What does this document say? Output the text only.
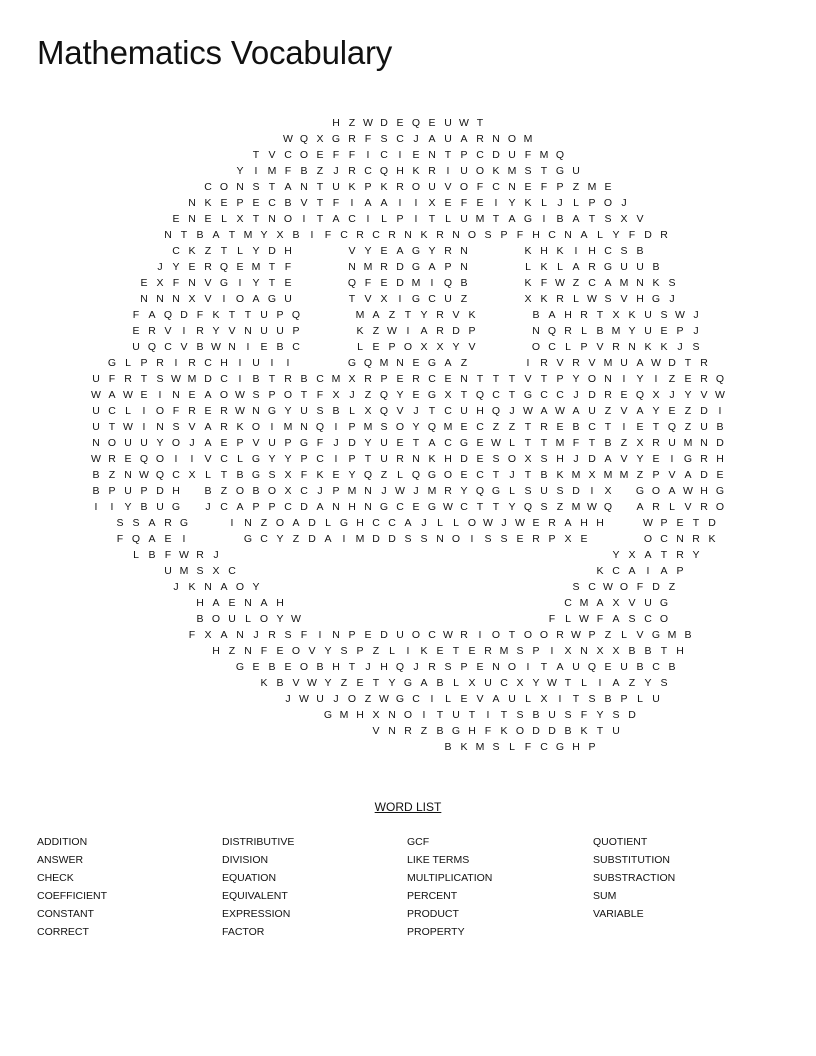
Mathematics Vocabulary
H Z W D E Q E U W T
W Q X G R F S C J A U A R N O M
T V C O E F F I C I E N T P C D U F M Q
Y I M F B Z J R C Q H K R I U O K M S T G U
C O N S T A N T U K P K R O U V O F C N E F P Z M E
N K E P E C B V T F I A A I I X E F E I Y K L J L P O J
E N E L X T N O I T A C I L P I T L U M T A G I B A T S X V
N T B A T M Y X B I F C R C R N K R N O S P F H C N A L Y F D R
C K Z T L Y D H	V Y E A G Y R N	K H K I H C S B
J Y E R Q E M T F	N M R D G A P N	L K L A R G U U B
E X F N V G I Y T E	Q F E D M I Q B	K F W Z C A M N K S
N N N X V I O A G U	T V X I G C U Z	X K R L W S V H G J
F A Q D F K T T U P Q	M A Z T Y R V K	B A H R T X K U S W J
E R V I R Y V N U U P	K Z W I A R D P	N Q R L B M Y U E P J
U Q C V B W N I E B C	L E P O X X Y V	O C L P V R N K K J S
G L P R I R C H I U I I	G Q M N E G A Z	I R V R V M U A W D T R
U F R T S W M D C I B T R B C M X R P E R C E N T T T V T P Y O N I Y I Z E R Q
W A W E I N E A O W S P O T F X J Z Q Y E G X T Q C T G C C J D R E Q X J Y V W
U C L I O F R E R W N G Y U S B L X Q V J T C U H Q J W A W A U Z V A Y E Z D I
U T W I N S V A R K O I M N Q I P M S O Y Q M E C Z Z T R E B C T I E T Q Z U B
N O U U Y O J A E P V U P G F J D Y U E T A C G E W L T T M F T B Z X R U M N D
W R E Q O I I V C L G Y Y P C I P T U R N K H D E S O X S H J D A V Y E I G R H
B Z N W Q C X L T B G S X F K E Y Q Z L Q G O E C T J T B K M X M M Z P V A D E
B P U P D H B Z O B O X C J P M N J W J M R Y Q G L S U S D I X G O A W H G
I I Y B U G J C A P P C D A N H N G C E G W C T T Y Q S Z M W Q A R L V R O
S S A R G	I N Z O A D L G H C C A J L L O W J W E R A H H	W P E T D
F Q A E I	G C Y Z D A I M D D S S N O I S S E R P X E	O C N R K
L B F W R J	Y X A T R Y
U M S X C	K C A I A P
J K N A O Y	S C W O F D Z
H A E N A H	C M A X V U G
B O U L O Y W	F L W F A S C O
F X A N J R S F I N P E D U O C W R I O T O O R W P Z L V G M B
H Z N F E O V Y S P Z L I K E T E R M S P I X N X X B B T H
G E B E O B H T J H Q J R S P E N O I T A U Q E U B C B
K B V W Y Z E T Y G A B L X U C X Y W T L I A Z Y S
J W U J O Z W G C I L E V A U L X I T S B P L U
G M H X N O I T U T I T S B U S F Y S D
V N R Z B G H F K O D D B K T U
B K M S L F C G H P
WORD LIST
ADDITION
ANSWER
CHECK
COEFFICIENT
CONSTANT
CORRECT
DISTRIBUTIVE
DIVISION
EQUATION
EQUIVALENT
EXPRESSION
FACTOR
GCF
LIKE TERMS
MULTIPLICATION
PERCENT
PRODUCT
PROPERTY
QUOTIENT
SUBSTITUTION
SUBSTRACTION
SUM
VARIABLE
